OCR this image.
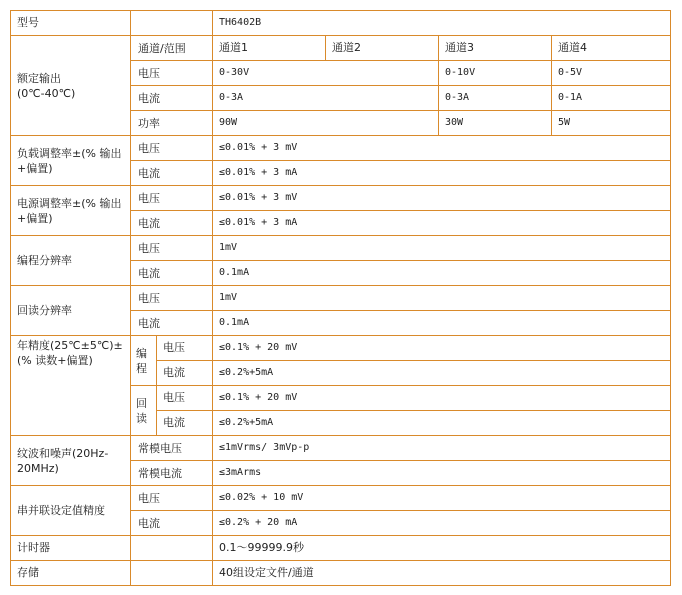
型号			TH6402B			
额定输出
(0℃-40℃)	通道/范围		通道1	通道2	通道3	通道4
	电压		0-30V		0-10V	0-5V
	电流		0-3A		0-3A	0-1A
	功率		90W		30W	5W
负载调整率±(% 输出+偏置)	电压		≤0.01% + 3 mV			
	电流		≤0.01% + 3 mA			
电源调整率±(% 输出+偏置)	电压		≤0.01% + 3 mV			
	电流		≤0.01% + 3 mA			
编程分辨率	电压		1mV			
	电流		0.1mA			
回读分辨率	电压		1mV			
	电流		0.1mA			
年精度(25℃±5℃)±(% 读数+偏置)	编程	电压	≤0.1% + 20 mV			
		电流	≤0.2%+5mA			
	回读	电压	≤0.1% + 20 mV			
		电流	≤0.2%+5mA			
纹波和噪声(20Hz-20MHz)	常模电压		≤1mVrms/ 3mVp-p			
	常模电流		≤3mArms			
串并联设定值精度	电压		≤0.02% + 10 mV			
	电流		≤0.2% + 20 mA			
计时器			0.1～99999.9秒			
存储			40组设定文件/通道			
